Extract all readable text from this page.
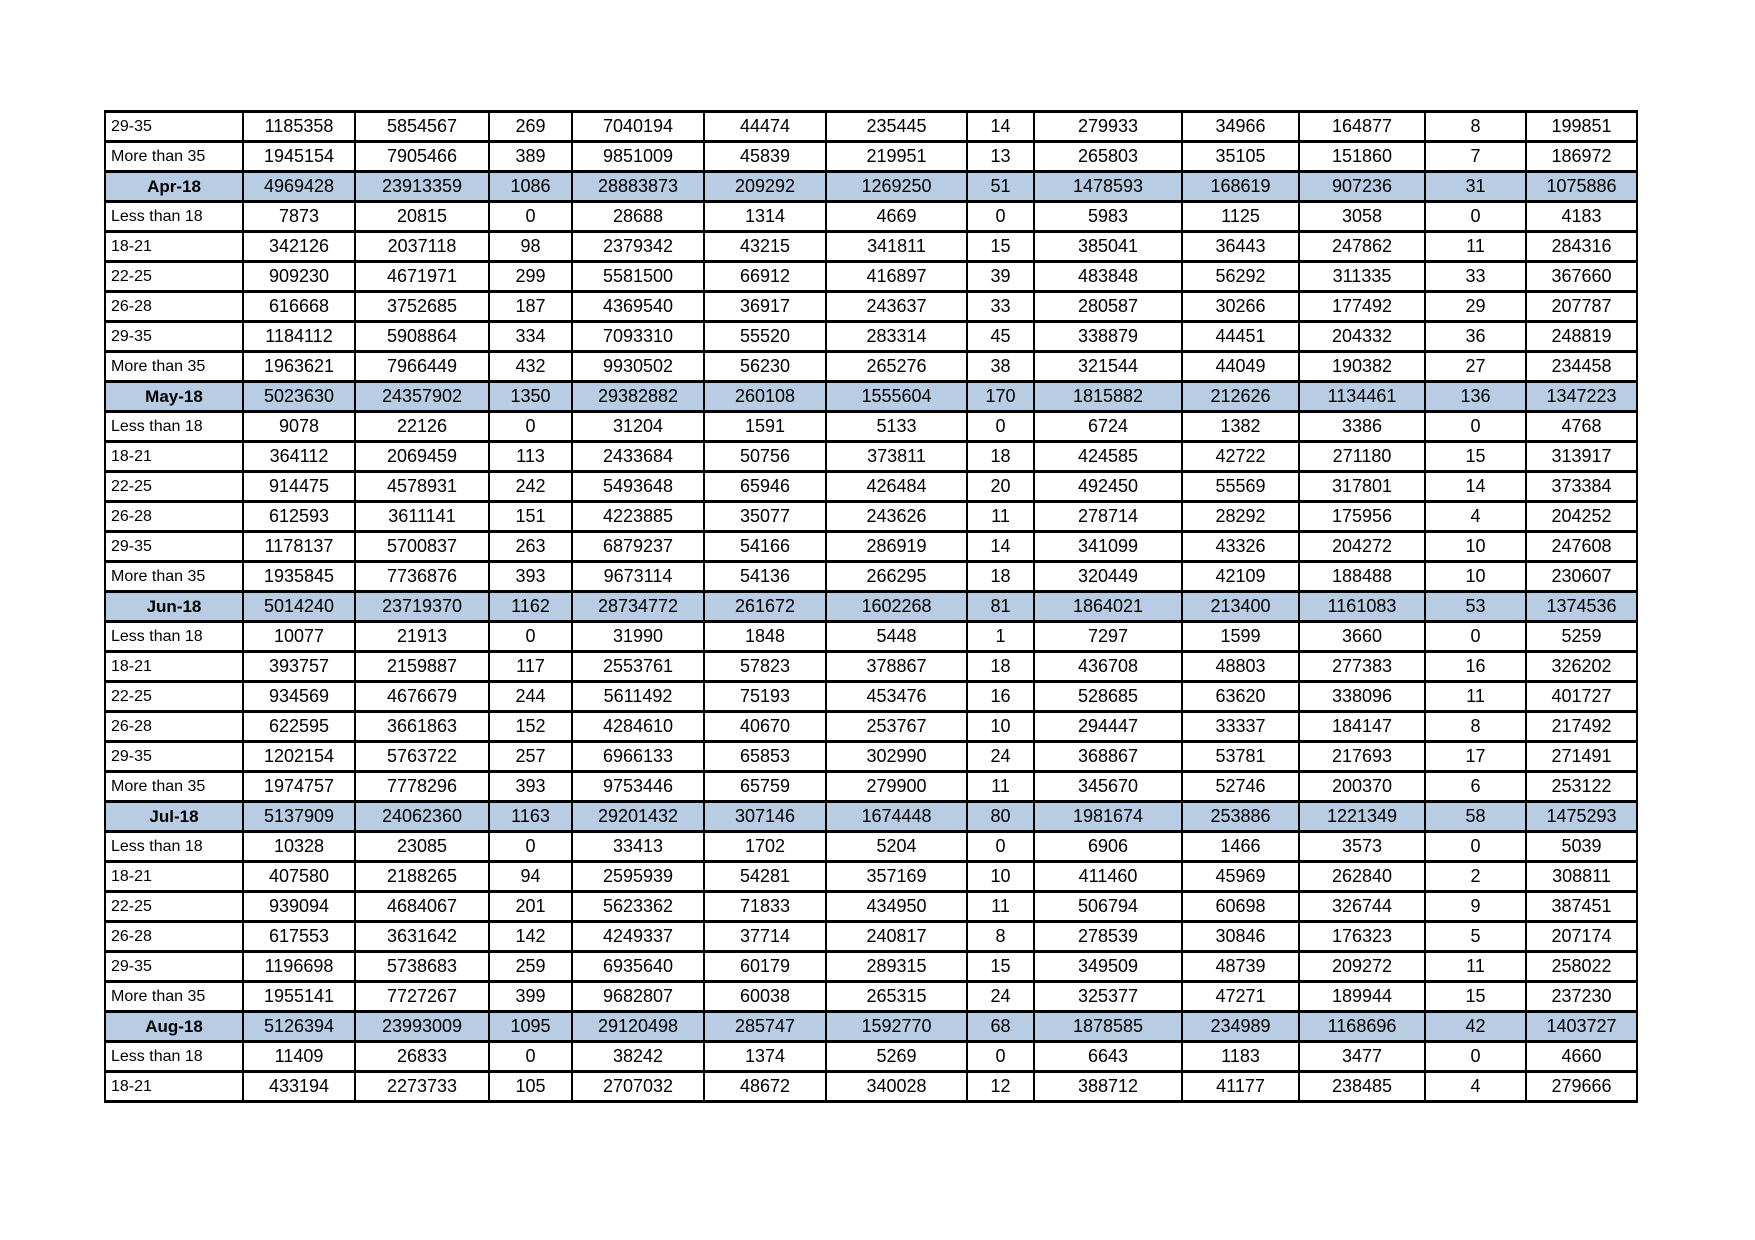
29-35	1185358	5854567	269	7040194	44474	235445	14	279933	34966	164877	8	199851
More than 35	1945154	7905466	389	9851009	45839	219951	13	265803	35105	151860	7	186972
Apr-18	4969428	23913359	1086	28883873	209292	1269250	51	1478593	168619	907236	31	1075886
Less than 18	7873	20815	0	28688	1314	4669	0	5983	1125	3058	0	4183
18-21	342126	2037118	98	2379342	43215	341811	15	385041	36443	247862	11	284316
22-25	909230	4671971	299	5581500	66912	416897	39	483848	56292	311335	33	367660
26-28	616668	3752685	187	4369540	36917	243637	33	280587	30266	177492	29	207787
29-35	1184112	5908864	334	7093310	55520	283314	45	338879	44451	204332	36	248819
More than 35	1963621	7966449	432	9930502	56230	265276	38	321544	44049	190382	27	234458
May-18	5023630	24357902	1350	29382882	260108	1555604	170	1815882	212626	1134461	136	1347223
Less than 18	9078	22126	0	31204	1591	5133	0	6724	1382	3386	0	4768
18-21	364112	2069459	113	2433684	50756	373811	18	424585	42722	271180	15	313917
22-25	914475	4578931	242	5493648	65946	426484	20	492450	55569	317801	14	373384
26-28	612593	3611141	151	4223885	35077	243626	11	278714	28292	175956	4	204252
29-35	1178137	5700837	263	6879237	54166	286919	14	341099	43326	204272	10	247608
More than 35	1935845	7736876	393	9673114	54136	266295	18	320449	42109	188488	10	230607
Jun-18	5014240	23719370	1162	28734772	261672	1602268	81	1864021	213400	1161083	53	1374536
Less than 18	10077	21913	0	31990	1848	5448	1	7297	1599	3660	0	5259
18-21	393757	2159887	117	2553761	57823	378867	18	436708	48803	277383	16	326202
22-25	934569	4676679	244	5611492	75193	453476	16	528685	63620	338096	11	401727
26-28	622595	3661863	152	4284610	40670	253767	10	294447	33337	184147	8	217492
29-35	1202154	5763722	257	6966133	65853	302990	24	368867	53781	217693	17	271491
More than 35	1974757	7778296	393	9753446	65759	279900	11	345670	52746	200370	6	253122
Jul-18	5137909	24062360	1163	29201432	307146	1674448	80	1981674	253886	1221349	58	1475293
Less than 18	10328	23085	0	33413	1702	5204	0	6906	1466	3573	0	5039
18-21	407580	2188265	94	2595939	54281	357169	10	411460	45969	262840	2	308811
22-25	939094	4684067	201	5623362	71833	434950	11	506794	60698	326744	9	387451
26-28	617553	3631642	142	4249337	37714	240817	8	278539	30846	176323	5	207174
29-35	1196698	5738683	259	6935640	60179	289315	15	349509	48739	209272	11	258022
More than 35	1955141	7727267	399	9682807	60038	265315	24	325377	47271	189944	15	237230
Aug-18	5126394	23993009	1095	29120498	285747	1592770	68	1878585	234989	1168696	42	1403727
Less than 18	11409	26833	0	38242	1374	5269	0	6643	1183	3477	0	4660
18-21	433194	2273733	105	2707032	48672	340028	12	388712	41177	238485	4	279666
